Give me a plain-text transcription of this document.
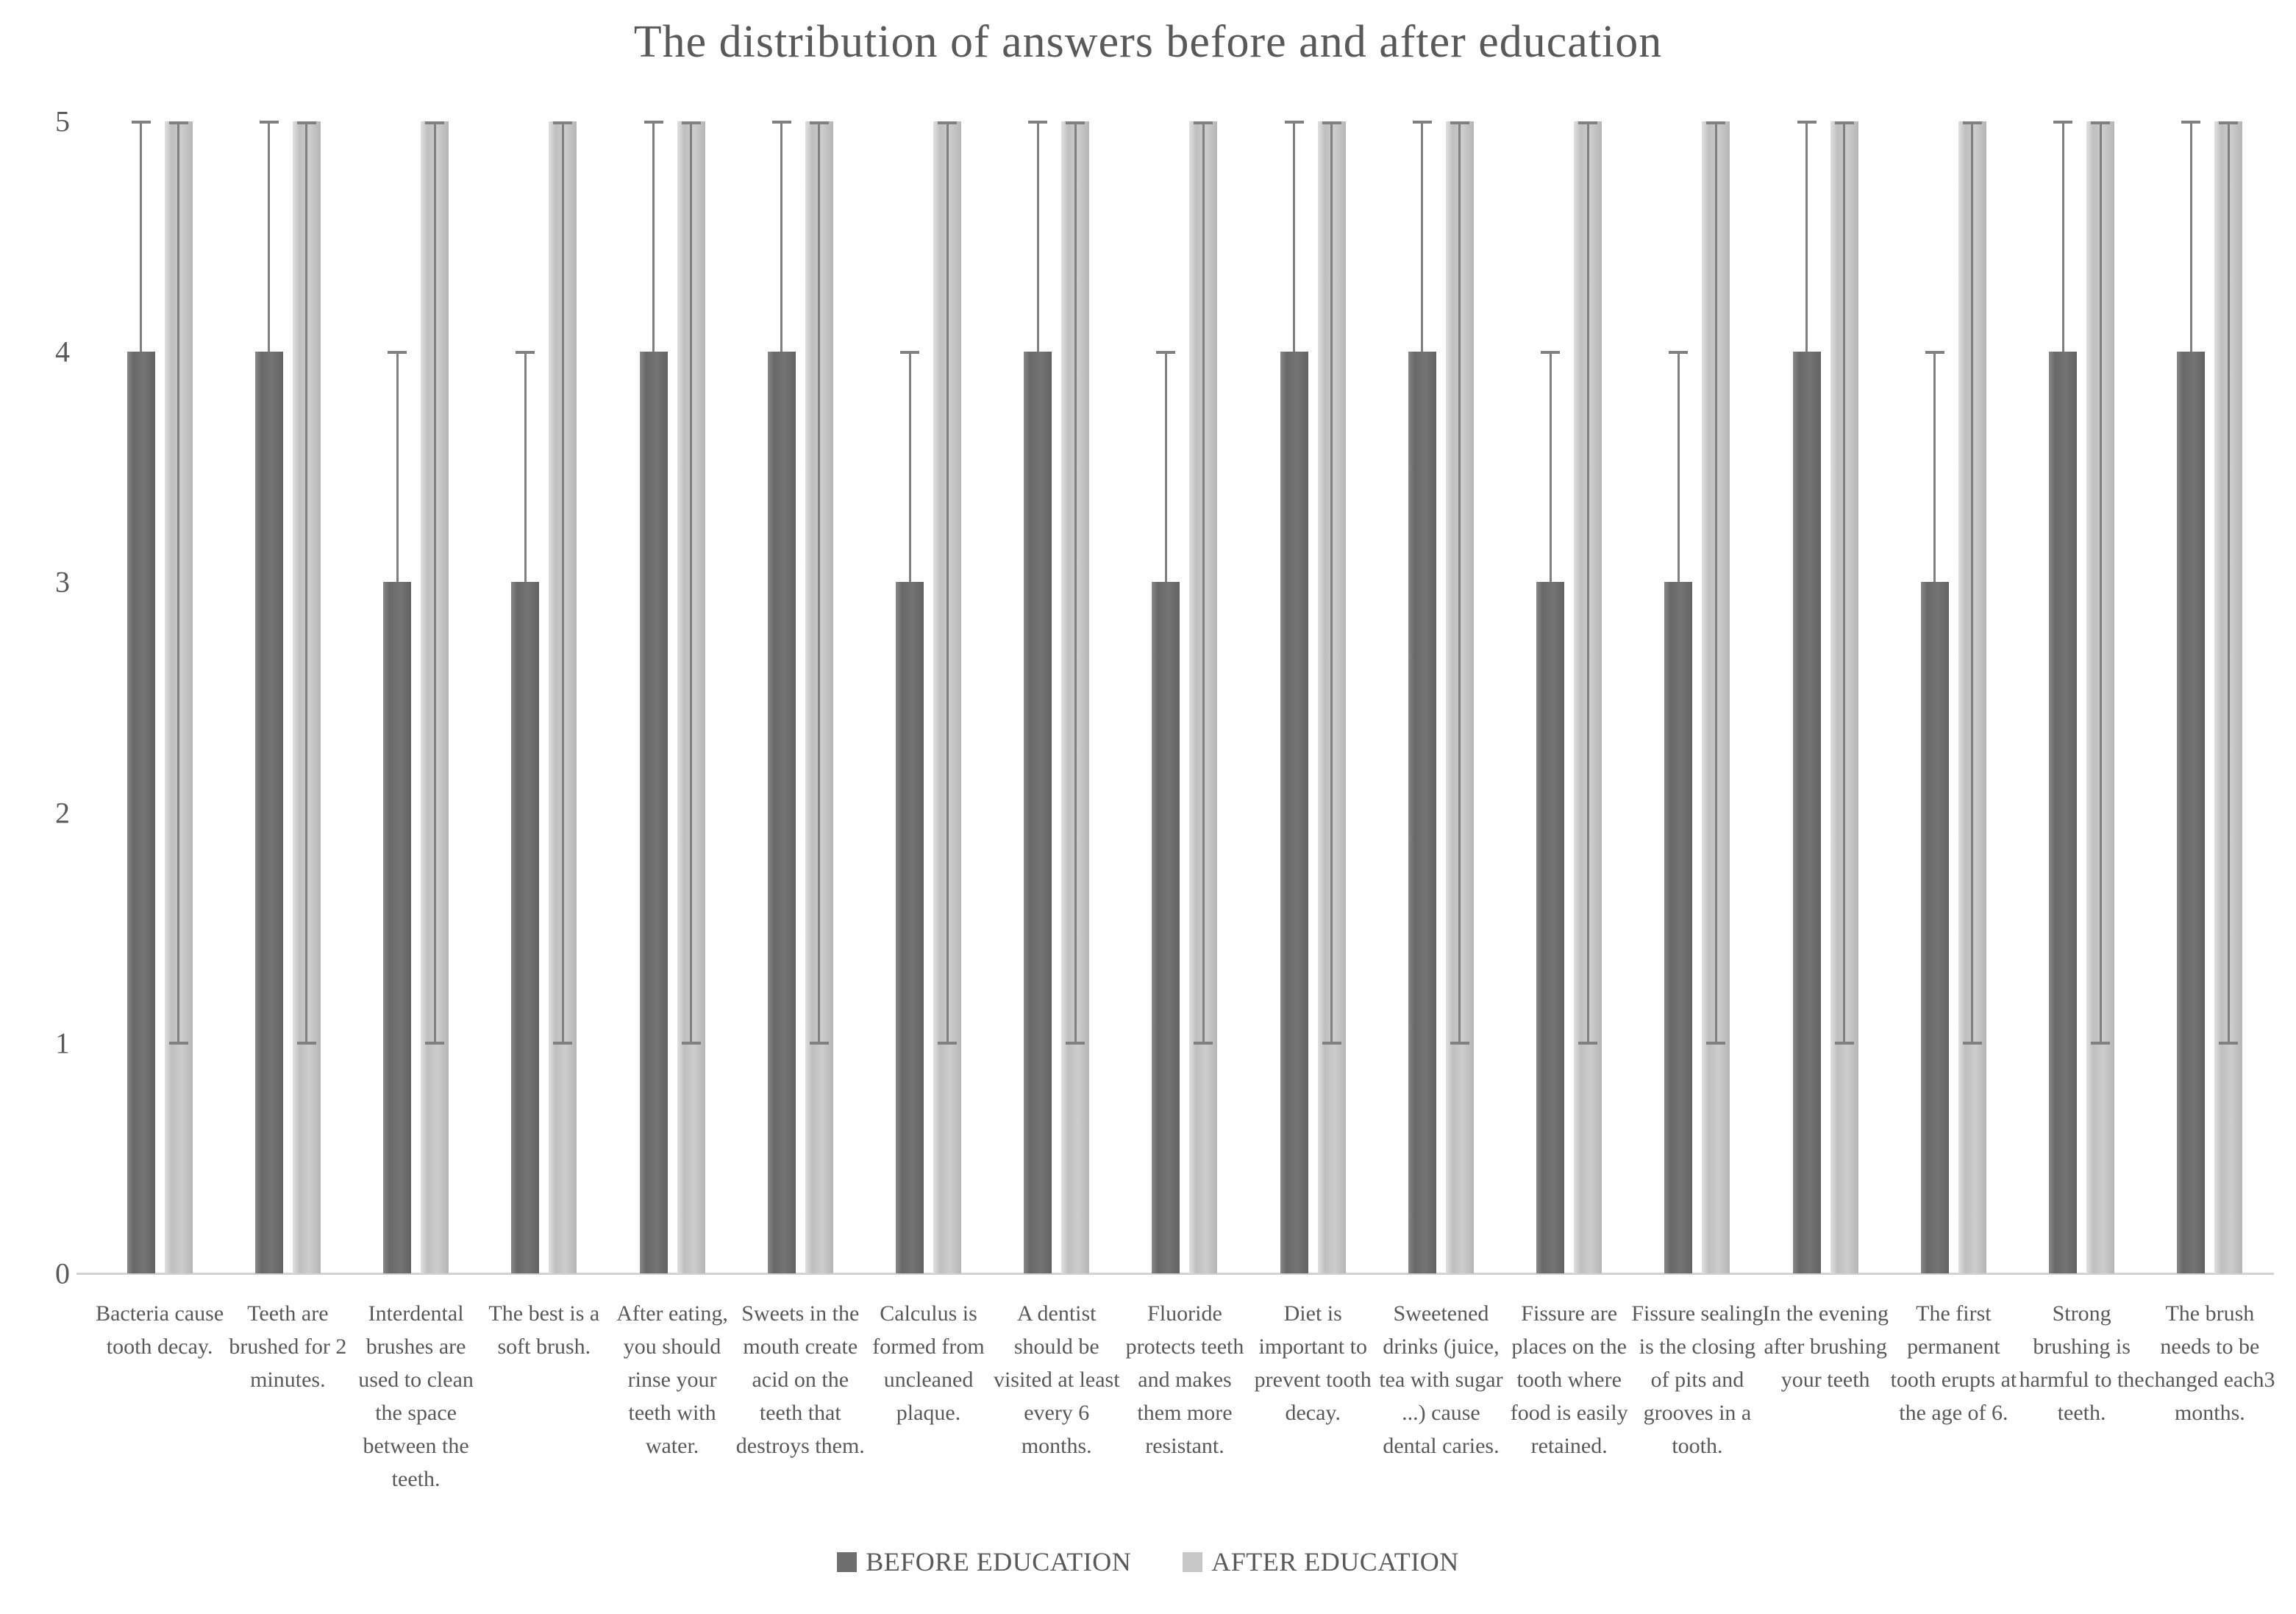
The distribution of answers before and after education
0
1
2
3
4
5
Bacteria cause tooth decay.
Teeth are brushed for 2 minutes.
Interdental brushes are used to clean the space between the teeth.
The best is a soft brush.
After eating, you should rinse your teeth with water.
Sweets in the mouth create acid on the teeth that destroys them.
Calculus is formed from uncleaned plaque.
A dentist should be visited at least every 6 months.
Fluoride protects teeth and makes them more resistant.
Diet is important to prevent tooth decay.
Sweetened drinks (juice, tea with sugar ...) cause dental caries.
Fissure are places on the tooth where food is easily retained.
Fissure sealing is the closing of pits and grooves in a tooth.
In the evening after brushing your teeth
The first permanent tooth erupts at the age of 6.
Strong brushing is harmful to the teeth.
The brush needs to be changed each3 months.
BEFORE EDUCATION	AFTER EDUCATION
